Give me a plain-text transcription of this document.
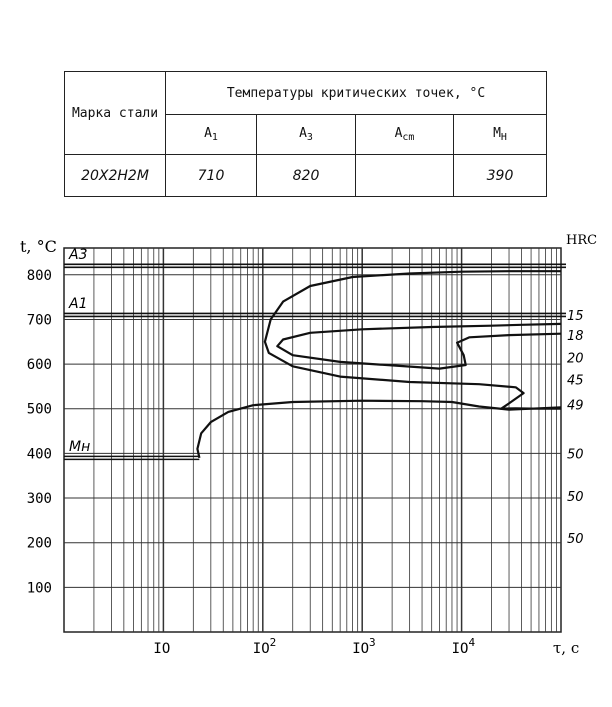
Марка стали	Температуры критических точек, °С			
	$A_1$	$A_3$	$A_{cm}$	$M_Н$
20Х2Н2М	710	820		390
t, °C	HRC
τ, с
A3
A1
Mн
100
200
300
400
500
600
700
800
IO	$IO^2$	$IO^3$	$IO^4$
15
18
20
45
49
50
50
50
